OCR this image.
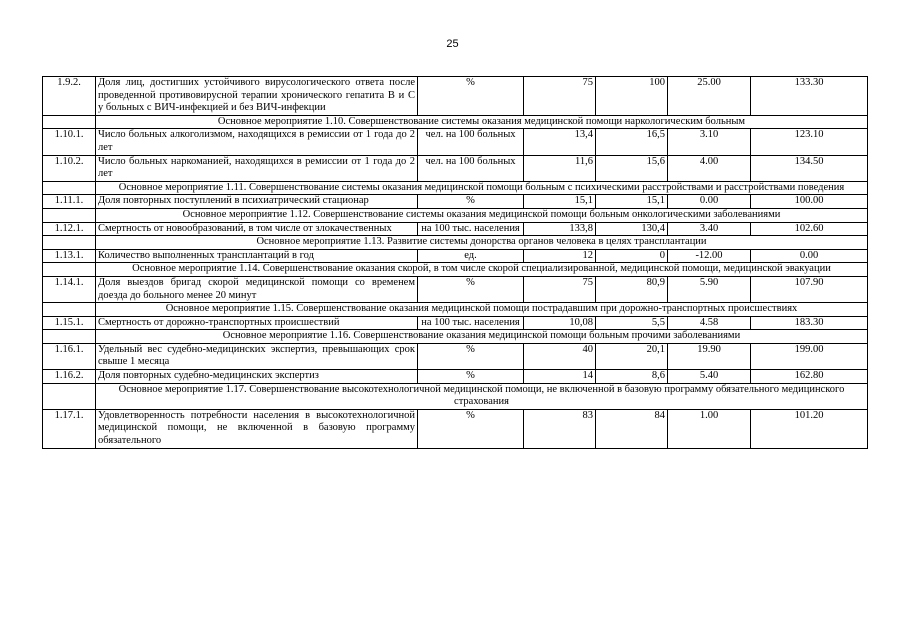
25
1.9.2.	Доля лиц, достигших устойчивого вирусологического ответа после проведенной противовирусной терапии хронического гепатита В и С у больных с ВИЧ-инфекцией и без ВИЧ-инфекции	%	75	100	25.00	133.30
	Основное мероприятие 1.10. Совершенствование системы оказания медицинской помощи наркологическим больным					
1.10.1.	Число больных алкоголизмом, находящихся в ремиссии от 1 года до 2 лет	чел. на 100 больных	13,4	16,5	3.10	123.10
1.10.2.	Число больных наркоманией, находящихся в ремиссии от 1 года до 2 лет	чел. на 100 больных	11,6	15,6	4.00	134.50
	Основное мероприятие 1.11. Совершенствование системы оказания медицинской помощи больным с психическими расстройствами и расстройствами поведения					
1.11.1.	Доля повторных поступлений в психиатрический стационар	%	15,1	15,1	0.00	100.00
	Основное мероприятие 1.12. Совершенствование системы оказания медицинской помощи больным онкологическими заболеваниями					
1.12.1.	Смертность от новообразований, в том числе от злокачественных	на 100 тыс. населения	133,8	130,4	3.40	102.60
	Основное мероприятие 1.13. Развитие системы донорства органов человека в целях трансплантации					
1.13.1.	Количество выполненных трансплантаций в год	ед.	12	0	-12.00	0.00
	Основное мероприятие 1.14. Совершенствование оказания скорой, в том числе скорой специализированной, медицинской помощи, медицинской эвакуации					
1.14.1.	Доля выездов бригад скорой медицинской помощи со временем доезда до больного менее 20 минут	%	75	80,9	5.90	107.90
	Основное мероприятие 1.15. Совершенствование оказания медицинской помощи пострадавшим при дорожно-транспортных происшествиях					
1.15.1.	Смертность от дорожно-транспортных происшествий	на 100 тыс. населения	10,08	5,5	4.58	183.30
	Основное мероприятие 1.16. Совершенствование оказания медицинской помощи больным прочими заболеваниями					
1.16.1.	Удельный вес судебно-медицинских экспертиз, превышающих срок свыше 1 месяца	%	40	20,1	19.90	199.00
1.16.2.	Доля повторных судебно-медицинских экспертиз	%	14	8,6	5.40	162.80
	Основное мероприятие 1.17. Совершенствование высокотехнологичной медицинской помощи, не включенной в базовую программу обязательного медицинского страхования					
1.17.1.	Удовлетворенность потребности населения в высокотехнологичной медицинской помощи, не включенной в базовую программу обязательного	%	83	84	1.00	101.20
